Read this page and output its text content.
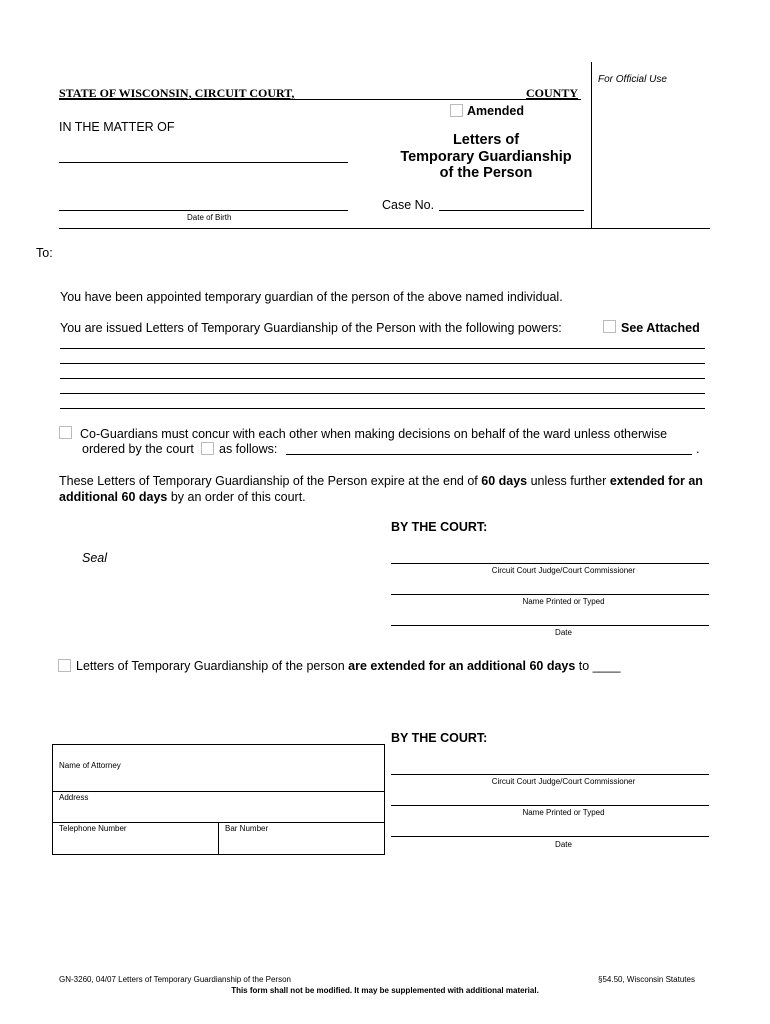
For Official Use
STATE OF WISCONSIN, CIRCUIT COURT,	COUNTY
Amended
IN THE MATTER OF
Letters of
Temporary Guardianship
of the Person
Date of Birth
Case No.
To:
You have been appointed temporary guardian of the person of the above named individual.
You are issued Letters of Temporary Guardianship of the Person with the following powers:	See Attached
Co-Guardians must concur with each other when making decisions on behalf of the ward unless otherwise
ordered by the court as follows:	.
These Letters of Temporary Guardianship of the Person expire at the end of 60 days unless further extended for an additional 60 days by an order of this court.
BY THE COURT:
Seal
Circuit Court Judge/Court Commissioner
Name Printed or Typed
Date
Letters of Temporary Guardianship of the person are extended for an additional 60 days to ____
BY THE COURT:
Circuit Court Judge/Court Commissioner
Name Printed or Typed
Date
Name of Attorney
Address
Telephone Number	Bar Number
GN-3260, 04/07 Letters of Temporary Guardianship of the Person	§54.50, Wisconsin Statutes
This form shall not be modified. It may be supplemented with additional material.
